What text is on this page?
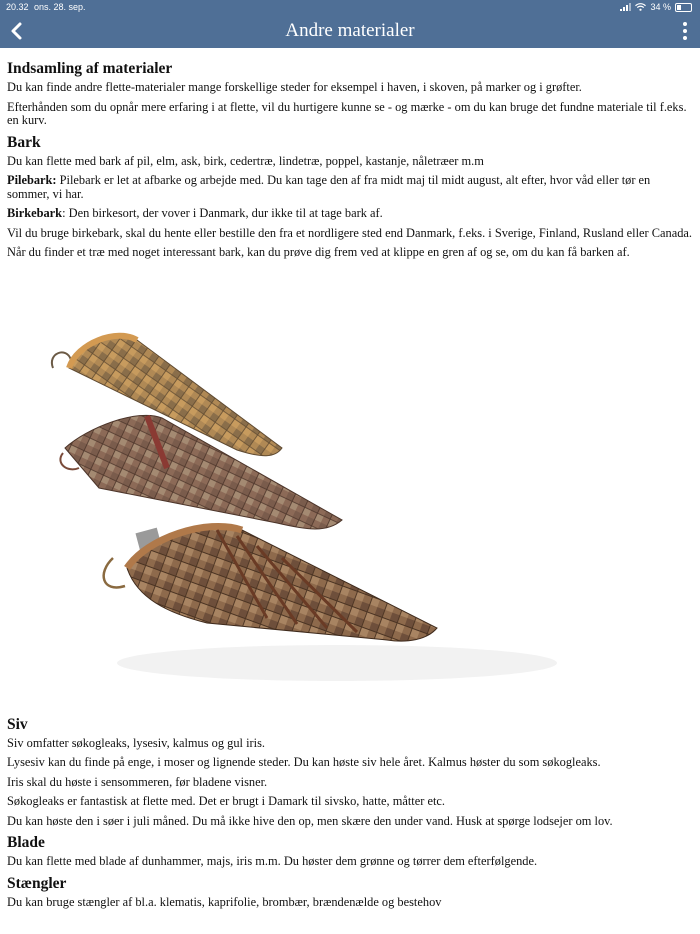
20.32 ons. 28. sep.	34 %
Andre materialer
Indsamling af materialer

Du kan finde andre flette-materialer mange forskellige steder for eksempel i haven, i skoven, på marker og i grøfter.

Efterhånden som du opnår mere erfaring i at flette, vil du hurtigere kunne se - og mærke - om du kan bruge det fundne materiale til f.eks. en kurv.

Bark

Du kan flette med bark af pil, elm, ask, birk, cedertræ, lindetræ, poppel, kastanje, nåletræer m.m

Pilebark: Pilebark er let at afbarke og arbejde med. Du kan tage den af fra midt maj til midt august, alt efter, hvor våd eller tør en sommer, vi har.

Birkebark: Den birkesort, der vover i Danmark, dur ikke til at tage bark af.

Vil du bruge birkebark, skal du hente eller bestille den fra et nordligere sted end Danmark, f.eks. i Sverige, Finland, Rusland eller Canada.

Når du finder et træ med noget interessant bark, kan du prøve dig frem ved at klippe en gren af og se, om du kan få barken af.

Siv

Siv omfatter søkogleaks, lysesiv, kalmus og gul iris.

Lysesiv kan du finde på enge, i moser og lignende steder. Du kan høste siv hele året. Kalmus høster du som søkogleaks.

Iris skal du høste i sensommeren, før bladene visner.

Søkogleaks er fantastisk at flette med. Det er brugt i Damark til sivsko, hatte, måtter etc.

Du kan høste den i søer i juli måned. Du må ikke hive den op, men skære den under vand. Husk at spørge lodsejer om lov.

Blade

Du kan flette med blade af dunhammer, majs, iris m.m. Du høster dem grønne og tørrer dem efterfølgende.

Stængler

Du kan bruge stængler af bl.a. klematis, kaprifolie, brombær, brændenælde og bestehov
